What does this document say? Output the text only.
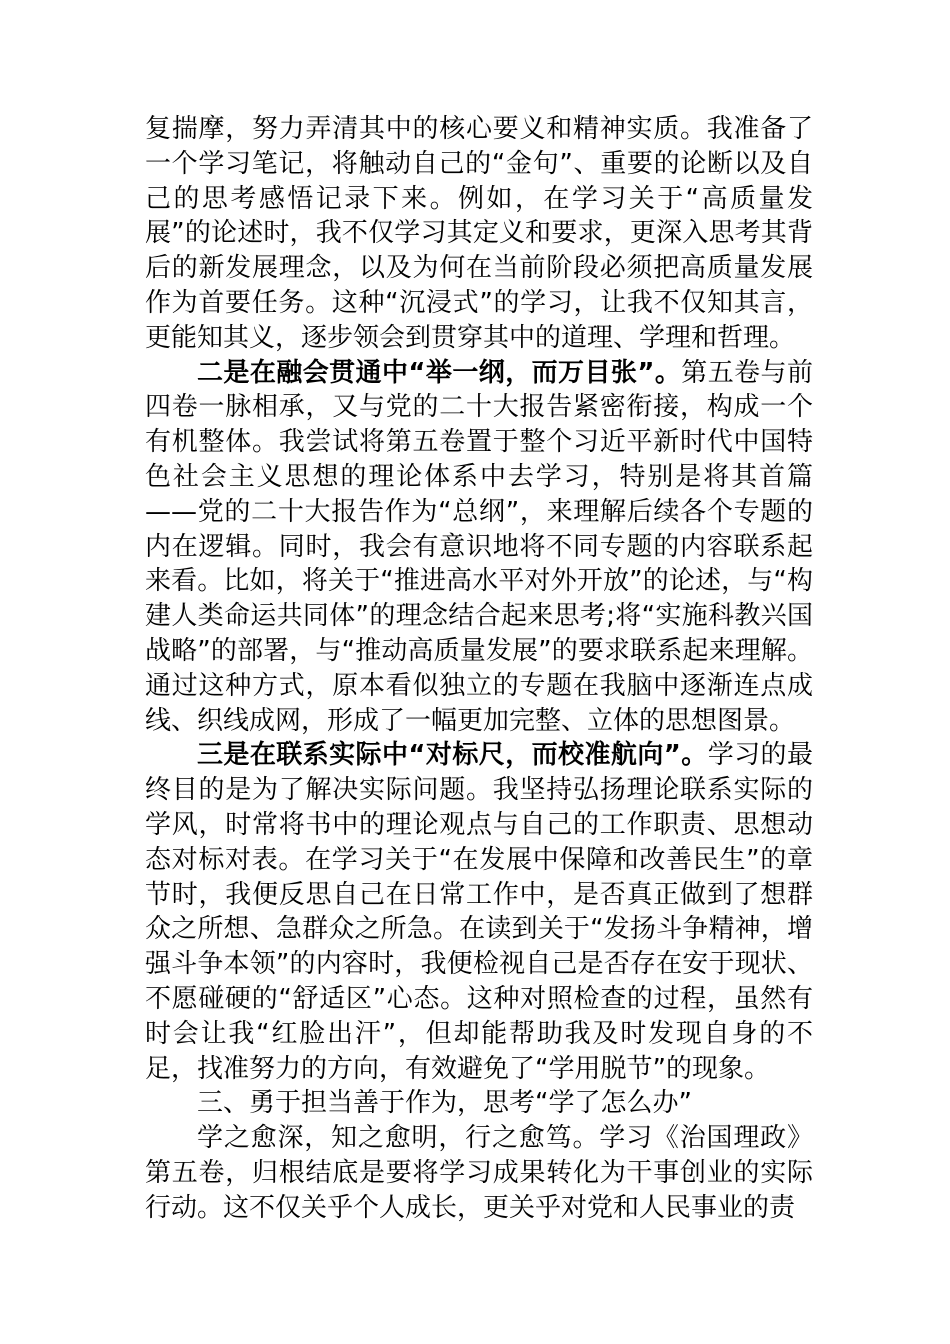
复揣摩，努力弄清其中的核心要义和精神实质。我准备了一个学习笔记，将触动自己的“金句”、重要的论断以及自己的思考感悟记录下来。例如，在学习关于“高质量发展”的论述时，我不仅学习其定义和要求，更深入思考其背后的新发展理念，以及为何在当前阶段必须把高质量发展作为首要任务。这种“沉浸式”的学习，让我不仅知其言，更能知其义，逐步领会到贯穿其中的道理、学理和哲理。

二是在融会贯通中“举一纲，而万目张”。第五卷与前四卷一脉相承，又与党的二十大报告紧密衔接，构成一个有机整体。我尝试将第五卷置于整个习近平新时代中国特色社会主义思想的理论体系中去学习，特别是将其首篇——党的二十大报告作为“总纲”，来理解后续各个专题的内在逻辑。同时，我会有意识地将不同专题的内容联系起来看。比如，将关于“推进高水平对外开放”的论述，与“构建人类命运共同体”的理念结合起来思考;将“实施科教兴国战略”的部署，与“推动高质量发展”的要求联系起来理解。通过这种方式，原本看似独立的专题在我脑中逐渐连点成线、织线成网，形成了一幅更加完整、立体的思想图景。

三是在联系实际中“对标尺，而校准航向”。学习的最终目的是为了解决实际问题。我坚持弘扬理论联系实际的学风，时常将书中的理论观点与自己的工作职责、思想动态对标对表。在学习关于“在发展中保障和改善民生”的章节时，我便反思自己在日常工作中，是否真正做到了想群众之所想、急群众之所急。在读到关于“发扬斗争精神，增强斗争本领”的内容时，我便检视自己是否存在安于现状、不愿碰硬的“舒适区”心态。这种对照检查的过程，虽然有时会让我“红脸出汗”，但却能帮助我及时发现自身的不足，找准努力的方向，有效避免了“学用脱节”的现象。

三、勇于担当善于作为，思考“学了怎么办”

学之愈深，知之愈明，行之愈笃。学习《治国理政》第五卷，归根结底是要将学习成果转化为干事创业的实际行动。这不仅关乎个人成长，更关乎对党和人民事业的责
